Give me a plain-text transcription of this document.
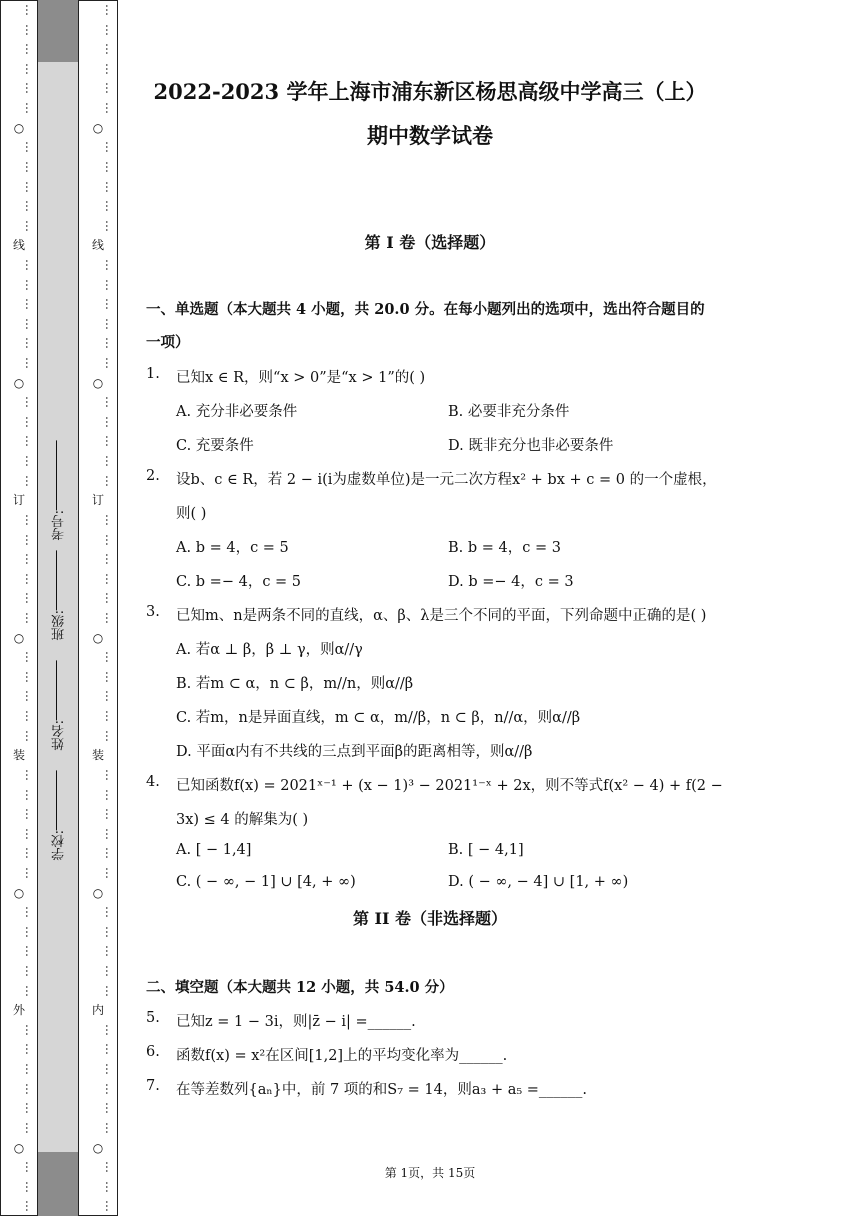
…
…
…
…
…
…
○
…
…
…
…
…
线
…
…
…
…
…
…
○
…
…
…
…
…
订
…
…
…
…
…
…
○
…
…
…
…
…
装
…
…
…
…
…
…
○
…
…
…
…
…
外
…
…
…
…
…
…
○
…
…
…
…
…
…
…
…
…
○
…
…
…
…
…
线
…
…
…
…
…
…
○
…
…
…
…
…
订
…
…
…
…
…
…
○
…
…
…
…
…
装
…
…
…
…
…
…
○
…
…
…
…
…
内
…
…
…
…
…
…
○
…
…
…
学校:
姓名:
班级:
考号:
2022-2023 学年上海市浦东新区杨思高级中学高三（上）
期中数学试卷
第 I 卷（选择题）
一、单选题（本大题共 4 小题，共 20.0 分。在每小题列出的选项中，选出符合题目的
一项）
1. 已知x ∈ R，则“x > 0”是“x > 1”的( )
A. 充分非必要条件	B. 必要非充分条件
C. 充要条件	D. 既非充分也非必要条件
2. 设b、c ∈ R，若 2 − i(i为虚数单位)是一元二次方程x² + bx + c = 0 的一个虚根，
则( )
A. b = 4，c = 5	B. b = 4，c = 3
C. b =− 4，c = 5	D. b =− 4，c = 3
3. 已知m、n是两条不同的直线，α、β、λ是三个不同的平面，下列命题中正确的是( )
A. 若α ⊥ β，β ⊥ γ，则α//γ
B. 若m ⊂ α，n ⊂ β，m//n，则α//β
C. 若m，n是异面直线，m ⊂ α，m//β，n ⊂ β，n//α，则α//β
D. 平面α内有不共线的三点到平面β的距离相等，则α//β
4. 已知函数f(x) = 2021ˣ⁻¹ + (x − 1)³ − 2021¹⁻ˣ + 2x，则不等式f(x² − 4) + f(2 −
3x) ≤ 4 的解集为( )
A. [ − 1,4]	B. [ − 4,1]
C. ( − ∞, − 1] ∪ [4, + ∞)	D. ( − ∞, − 4] ∪ [1, + ∞)
第 II 卷（非选择题）
二、填空题（本大题共 12 小题，共 54.0 分）
5. 已知z = 1 − 3i，则|z̄ − i| =______.
6. 函数f(x) = x²在区间[1,2]上的平均变化率为______.
7. 在等差数列{aₙ}中，前 7 项的和S₇ = 14，则a₃ + a₅ =______.
第 1页，共 15页
